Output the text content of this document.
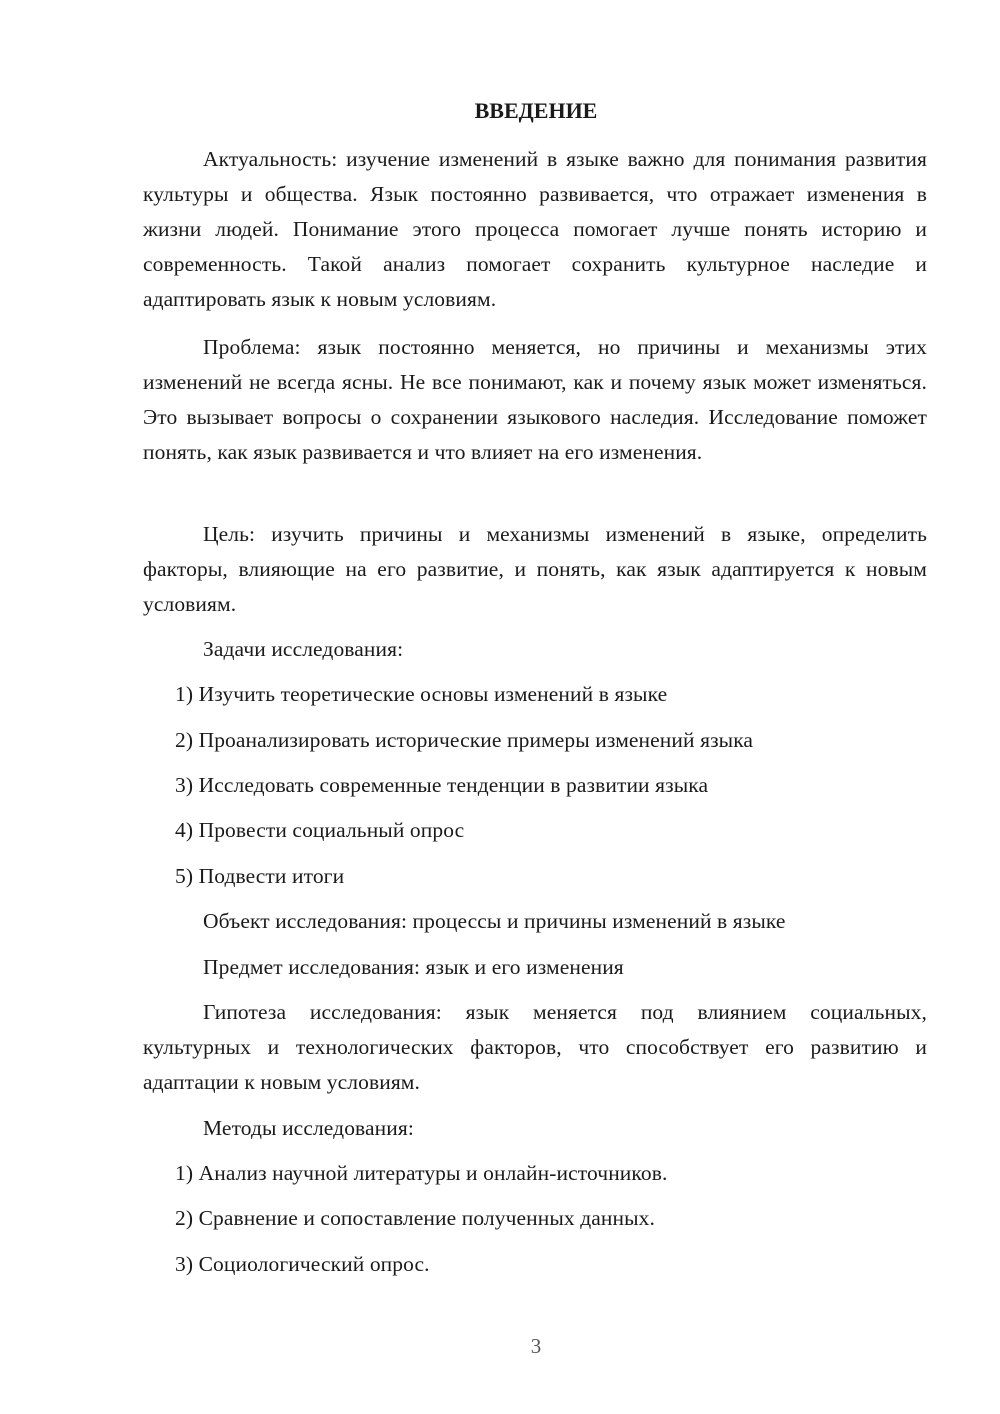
ВВЕДЕНИЕ

Актуальность: изучение изменений в языке важно для понимания развития культуры и общества. Язык постоянно развивается, что отражает изменения в жизни людей. Понимание этого процесса помогает лучше понять историю и современность. Такой анализ помогает сохранить культурное наследие и адаптировать язык к новым условиям.

Проблема: язык постоянно меняется, но причины и механизмы этих изменений не всегда ясны. Не все понимают, как и почему язык может изменяться. Это вызывает вопросы о сохранении языкового наследия. Исследование поможет понять, как язык развивается и что влияет на его изменения.

Цель: изучить причины и механизмы изменений в языке, определить факторы, влияющие на его развитие, и понять, как язык адаптируется к новым условиям.

Задачи исследования:

1) Изучить теоретические основы изменений в языке

2) Проанализировать исторические примеры изменений языка

3) Исследовать современные тенденции в развитии языка

4) Провести социальный опрос

5) Подвести итоги

Объект исследования: процессы и причины изменений в языке

Предмет исследования: язык и его изменения

Гипотеза исследования: язык меняется под влиянием социальных, культурных и технологических факторов, что способствует его развитию и адаптации к новым условиям.

Методы исследования:

1) Анализ научной литературы и онлайн-источников.

2) Сравнение и сопоставление полученных данных.

3) Социологический опрос.

3
